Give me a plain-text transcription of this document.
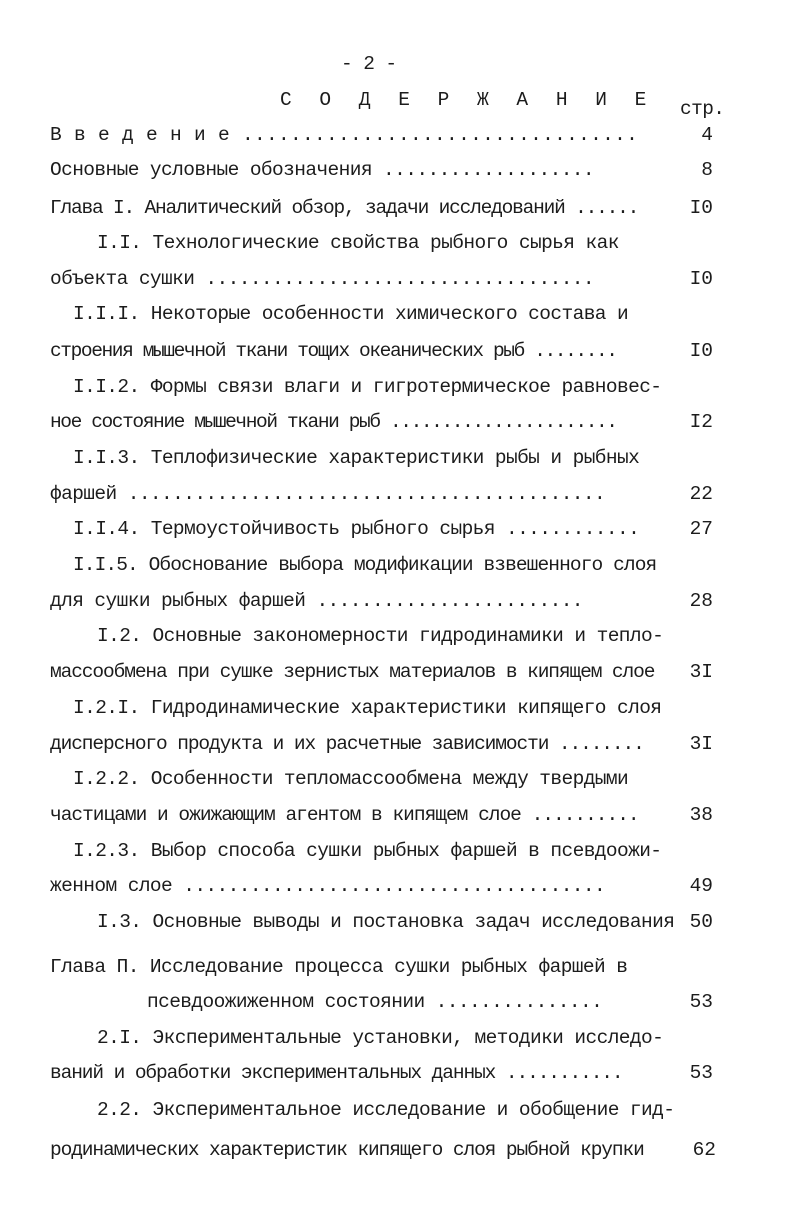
- 2 -
С О Д Е Р Ж А Н И Е стр.
В в е д е н и е .................................	4
Основные условные обозначения ...................	8
Глава I. Аналитический обзор, задачи исследований ......	I0
I.I. Технологические свойства рыбного сырья как
объекта сушки ...................................	I0
I.I.I. Некоторые особенности химического состава и
строения мышечной ткани тощих океанических рыб ........	I0
I.I.2. Формы связи влаги и гигротермическое равновес-
ное состояние мышечной ткани рыб ......................	I2
I.I.3. Теплофизические характеристики рыбы и рыбных
фаршей ...........................................	22
I.I.4. Термоустойчивость рыбного сырья ............	27
I.I.5. Обоснование выбора модификации взвешенного слоя
для сушки рыбных фаршей ........................	28
I.2. Основные закономерности гидродинамики и тепло-
массообмена при сушке зернистых материалов в кипящем слое	3I
I.2.I. Гидродинамические характеристики кипящего слоя
дисперсного продукта и их расчетные зависимости ........	3I
I.2.2. Особенности тепломассообмена между твердыми
частицами и ожижающим агентом в кипящем слое ..........	38
I.2.3. Выбор способа сушки рыбных фаршей в псевдоожи-
женном слое ......................................	49
I.3. Основные выводы и постановка задач исследования 50
Глава П. Исследование процесса сушки рыбных фаршей в
псевдоожиженном состоянии ...............	53
2.I. Экспериментальные установки, методики исследо-
ваний и обработки экспериментальных данных ...........	53
2.2. Экспериментальное исследование и обобщение гид-
родинамических характеристик кипящего слоя рыбной крупки	62
